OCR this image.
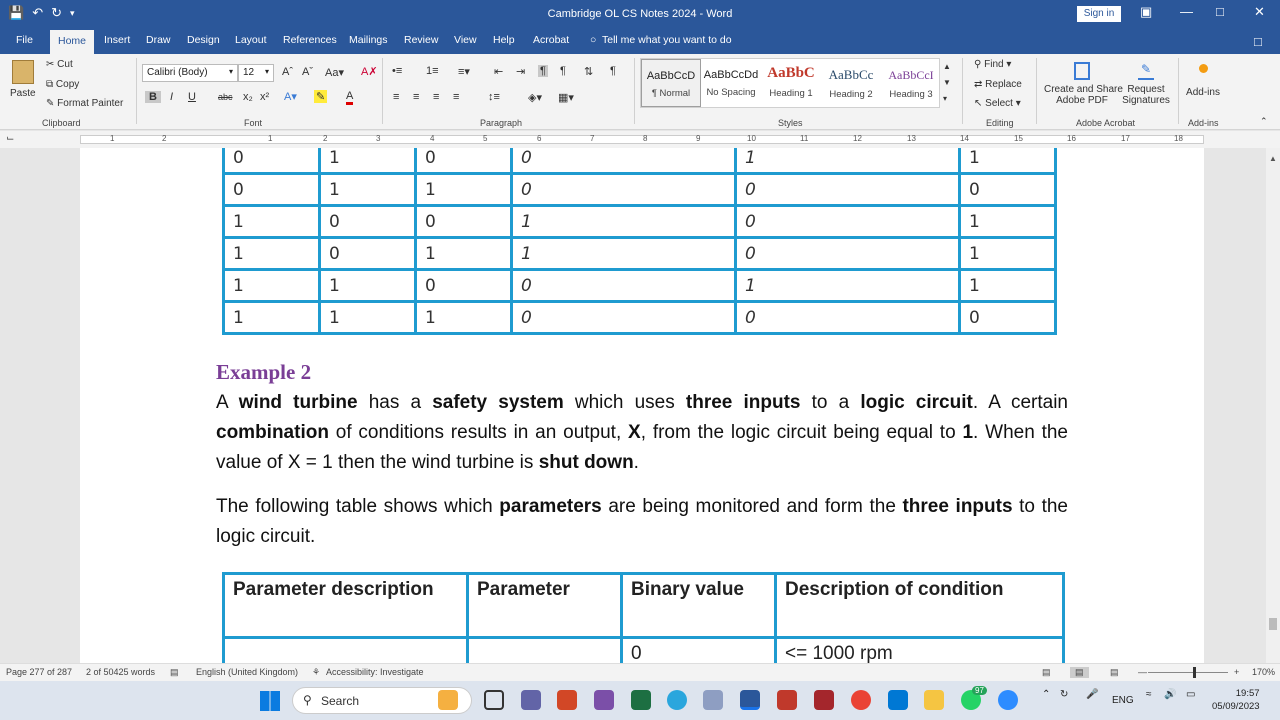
💾 ↶ ↻ ▾	Cambridge OL CS Notes 2024 - Word	Sign in	▣ — □ ✕
File	Home	Insert Draw Design Layout References Mailings Review View Help Acrobat ○ Tell me what you want to do	□
Paste
✂ Cut
⧉ Copy
✎ Format Painter
Clipboard
Calibri (Body)	▾	12 ▾ Aˆ Aˇ Aa▾ A✗
B	I U abc x₂ x² A▾ ✎ A
Font
•≡ 1≡ ≡▾ ⇤ ⇥ ¶ ¶ ⇅ ¶
≡ ≡ ≡ ≡	↕≡	◈▾ ▦▾
Paragraph
AaBbCcD
¶ Normal
AaBbCcDd
No Spacing
AaBbC
Heading 1
AaBbCc
Heading 2
AaBbCcI
Heading 3
▲
▼
▾
Styles
⚲ Find ▾
⇄ Replace
↖ Select ▾
Editing
Create and Share
Adobe PDF
✎
Request
Signatures
Adobe Acrobat
Add-ins
Add-ins	⌃
⌙	1	2	1	2	3	4	5	6	7	8	9	10	11	12	13	14	15	16	17	18
0	1	0	0	1	1
0	1	1	0	0	0
1	0	0	1	0	1
1	0	1	1	0	1
1	1	0	0	1	1
1	1	1	0	0	0
Example 2
A wind turbine has a safety system which uses three inputs to a logic circuit. A certain combination of conditions results in an output, X, from the logic circuit being equal to 1. When the value of X = 1 then the wind turbine is shut down.
The following table shows which parameters are being monitored and form the three inputs to the logic circuit.
Parameter description	Parameter	Binary value	Description of condition
		0	<= 1000 rpm
▲
Page 277 of 287 2 of 50425 words ▤ English (United Kingdom) ⚘ Accessibility: Investigate	▤	▤	▤ —	+ 170%
⚲ Search
97	⌃ ↻ 🎤
ENG
≈ 🔊 ▭	19:57
05/09/2023
